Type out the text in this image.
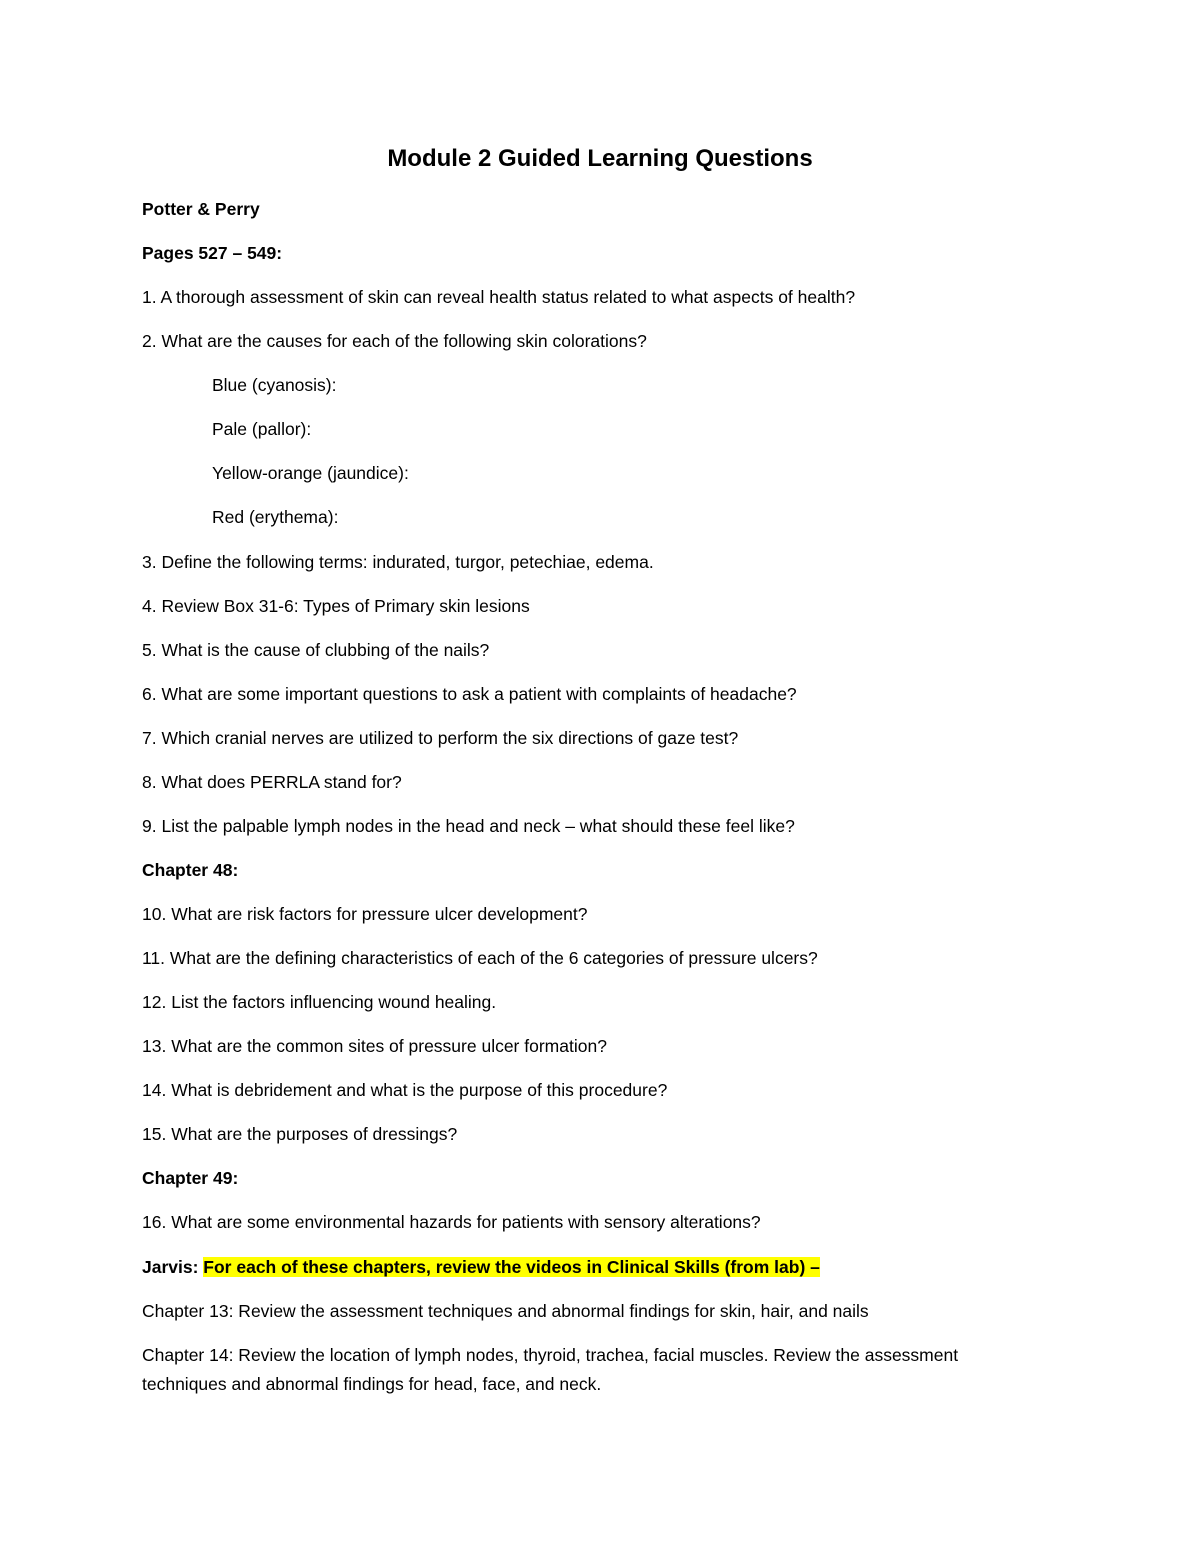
Module 2 Guided Learning Questions

Potter & Perry

Pages 527 – 549:

1. A thorough assessment of skin can reveal health status related to what aspects of health?

2. What are the causes for each of the following skin colorations?

Blue (cyanosis):

Pale (pallor):

Yellow-orange (jaundice):

Red (erythema):

3. Define the following terms: indurated, turgor, petechiae, edema.

4. Review Box 31-6: Types of Primary skin lesions

5. What is the cause of clubbing of the nails?

6. What are some important questions to ask a patient with complaints of headache?

7. Which cranial nerves are utilized to perform the six directions of gaze test?

8. What does PERRLA stand for?

9. List the palpable lymph nodes in the head and neck – what should these feel like?

Chapter 48:

10. What are risk factors for pressure ulcer development?

11. What are the defining characteristics of each of the 6 categories of pressure ulcers?

12. List the factors influencing wound healing.

13. What are the common sites of pressure ulcer formation?

14. What is debridement and what is the purpose of this procedure?

15. What are the purposes of dressings?

Chapter 49:

16. What are some environmental hazards for patients with sensory alterations?

Jarvis: For each of these chapters, review the videos in Clinical Skills (from lab) –

Chapter 13: Review the assessment techniques and abnormal findings for skin, hair, and nails

Chapter 14: Review the location of lymph nodes, thyroid, trachea, facial muscles. Review the assessment techniques and abnormal findings for head, face, and neck.
